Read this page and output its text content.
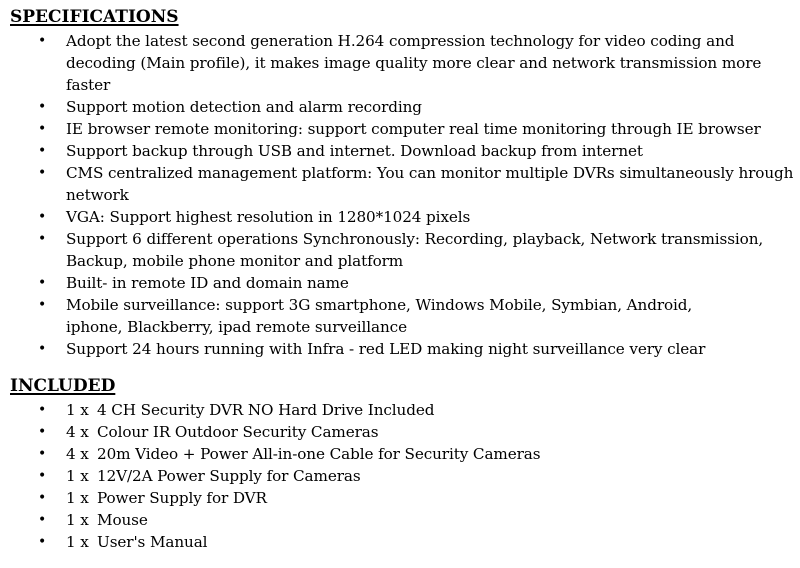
SPECIFICATIONS
• Adopt the latest second generation H.264 compression technology for video coding and
decoding (Main profile), it makes image quality more clear and network transmission more
faster
• Support motion detection and alarm recording
• IE browser remote monitoring: support computer real time monitoring through IE browser
• Support backup through USB and internet. Download backup from internet
• CMS centralized management platform: You can monitor multiple DVRs simultaneously hrough
network
• VGA: Support highest resolution in 1280*1024 pixels
• Support 6 different operations Synchronously: Recording, playback, Network transmission,
Backup, mobile phone monitor and platform
• Built- in remote ID and domain name
• Mobile surveillance: support 3G smartphone, Windows Mobile, Symbian, Android,
iphone, Blackberry, ipad remote surveillance
• Support 24 hours running with Infra - red LED making night surveillance very clear
INCLUDED
• 1 x 4 CH Security DVR NO Hard Drive Included
• 4 x Colour IR Outdoor Security Cameras
• 4 x 20m Video + Power All-in-one Cable for Security Cameras
• 1 x 12V/2A Power Supply for Cameras
• 1 x Power Supply for DVR
• 1 x Mouse
• 1 x User's Manual
